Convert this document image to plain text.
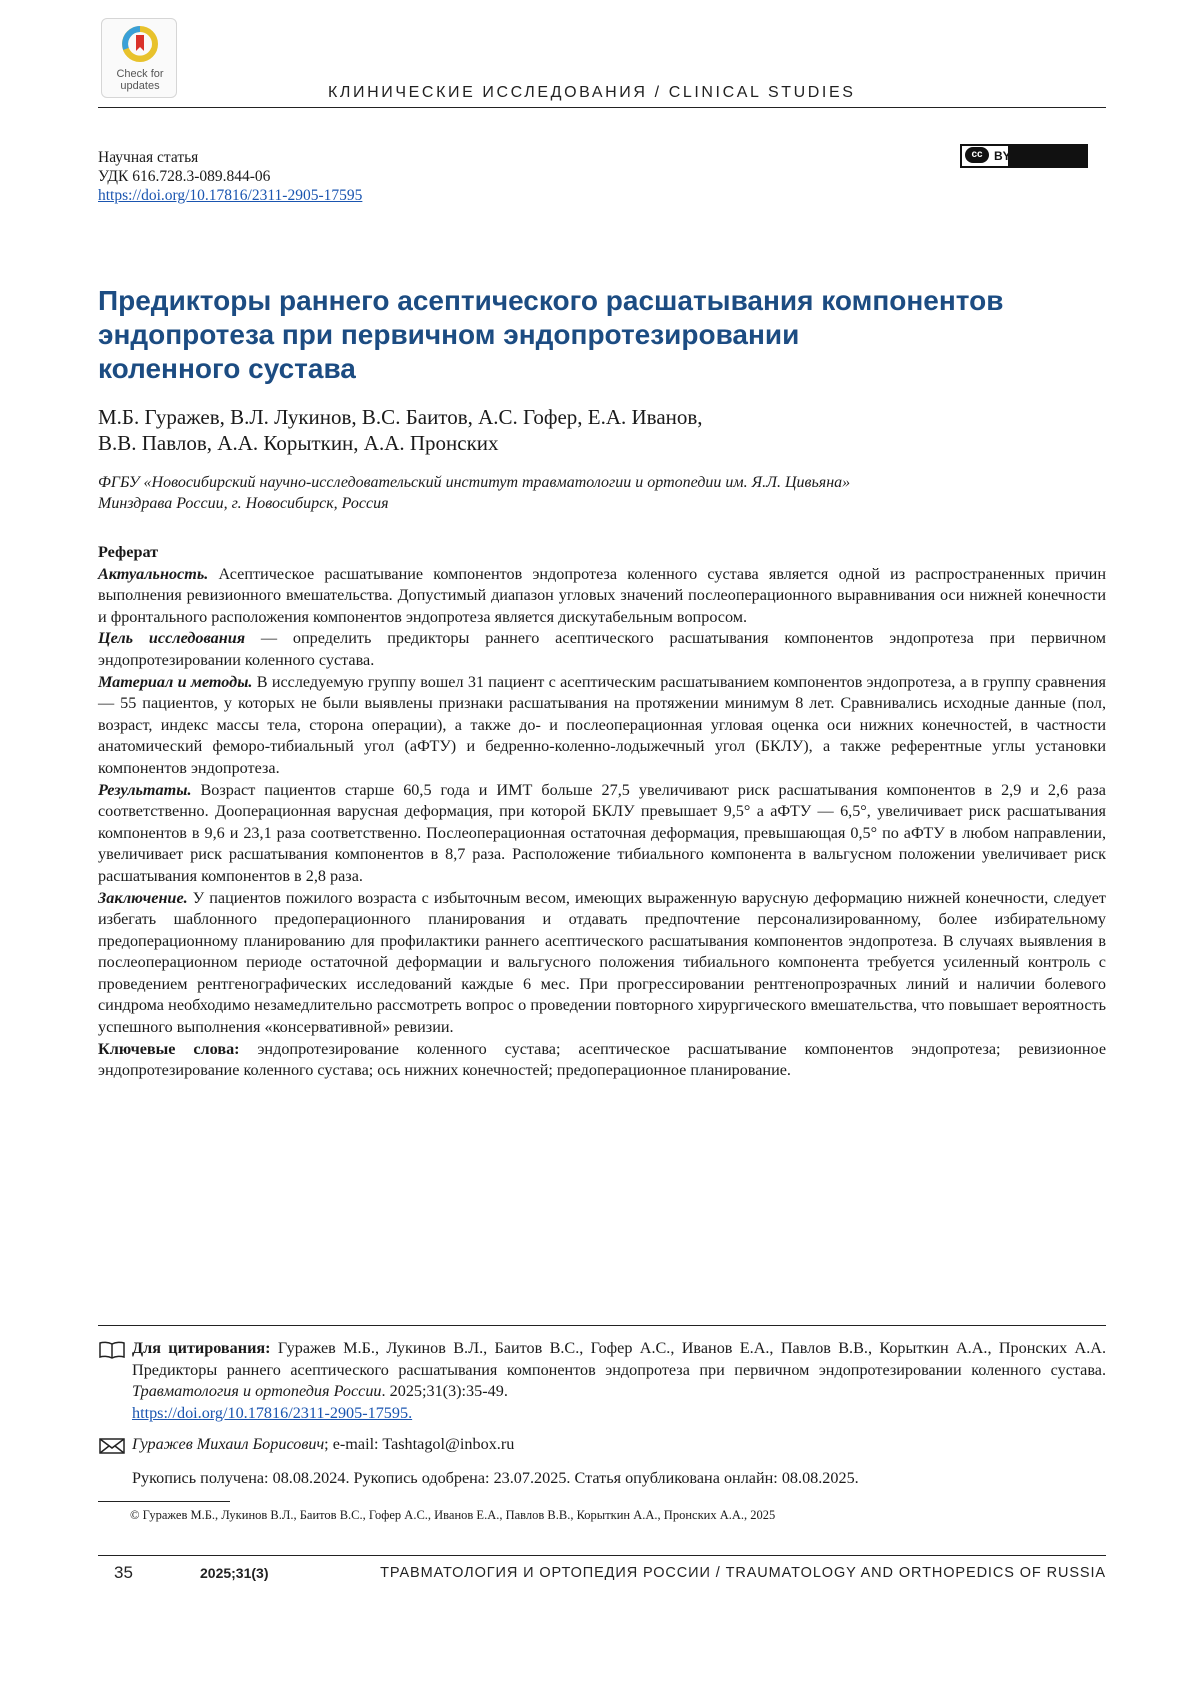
Check for
updates	КЛИНИЧЕСКИЕ ИССЛЕДОВАНИЯ / CLINICAL STUDIES
Научная статья
УДК 616.728.3-089.844-06
https://doi.org/10.17816/2311-2905-17595
cc BY
Предикторы раннего асептического расшатывания компонентов
эндопротеза при первичном эндопротезировании
коленного сустава
М.Б. Гуражев, В.Л. Лукинов, В.С. Баитов, А.С. Гофер, Е.А. Иванов,
В.В. Павлов, А.А. Корыткин, А.А. Пронских
ФГБУ «Новосибирский научно-исследовательский институт травматологии и ортопедии им. Я.Л. Цивьяна»
Минздрава России, г. Новосибирск, Россия
Реферат

Актуальность. Асептическое расшатывание компонентов эндопротеза коленного сустава является одной из распространенных причин выполнения ревизионного вмешательства. Допустимый диапазон угловых значений послеоперационного выравнивания оси нижней конечности и фронтального расположения компонентов эндопротеза является дискутабельным вопросом.

Цель исследования — определить предикторы раннего асептического расшатывания компонентов эндопротеза при первичном эндопротезировании коленного сустава.

Материал и методы. В исследуемую группу вошел 31 пациент с асептическим расшатыванием компонентов эндопротеза, а в группу сравнения — 55 пациентов, у которых не были выявлены признаки расшатывания на протяжении минимум 8 лет. Сравнивались исходные данные (пол, возраст, индекс массы тела, сторона операции), а также до- и послеоперационная угловая оценка оси нижних конечностей, в частности анатомический феморо-тибиальный угол (аФТУ) и бедренно-коленно-лодыжечный угол (БКЛУ), а также референтные углы установки компонентов эндопротеза.

Результаты. Возраст пациентов старше 60,5 года и ИМТ больше 27,5 увеличивают риск расшатывания компонентов в 2,9 и 2,6 раза соответственно. Дооперационная варусная деформация, при которой БКЛУ превышает 9,5° а аФТУ — 6,5°, увеличивает риск расшатывания компонентов в 9,6 и 23,1 раза соответственно. Послеоперационная остаточная деформация, превышающая 0,5° по аФТУ в любом направлении, увеличивает риск расшатывания компонентов в 8,7 раза. Расположение тибиального компонента в вальгусном положении увеличивает риск расшатывания компонентов в 2,8 раза.

Заключение. У пациентов пожилого возраста с избыточным весом, имеющих выраженную варусную деформацию нижней конечности, следует избегать шаблонного предоперационного планирования и отдавать предпочтение персонализированному, более избирательному предоперационному планированию для профилактики раннего асептического расшатывания компонентов эндопротеза. В случаях выявления в послеоперационном периоде остаточной деформации и вальгусного положения тибиального компонента требуется усиленный контроль с проведением рентгенографических исследований каждые 6 мес. При прогрессировании рентгенопрозрачных линий и наличии болевого синдрома необходимо незамедлительно рассмотреть вопрос о проведении повторного хирургического вмешательства, что повышает вероятность успешного выполнения «консервативной» ревизии.

Ключевые слова: эндопротезирование коленного сустава; асептическое расшатывание компонентов эндопротеза; ревизионное эндопротезирование коленного сустава; ось нижних конечностей; предоперационное планирование.

Для цитирования: Гуражев М.Б., Лукинов В.Л., Баитов В.С., Гофер А.С., Иванов Е.А., Павлов В.В., Корыткин А.А., Пронских А.А. Предикторы раннего асептического расшатывания компонентов эндопротеза при первичном эндопротезировании коленного сустава. Травматология и ортопедия России. 2025;31(3):35-49.
https://doi.org/10.17816/2311-2905-17595.
Гуражев Михаил Борисович; e-mail: Tashtagol@inbox.ru
Рукопись получена: 08.08.2024. Рукопись одобрена: 23.07.2025. Статья опубликована онлайн: 08.08.2025.
© Гуражев М.Б., Лукинов В.Л., Баитов В.С., Гофер А.С., Иванов Е.А., Павлов В.В., Корыткин А.А., Пронских А.А., 2025
35	2025;31(3)	ТРАВМАТОЛОГИЯ И ОРТОПЕДИЯ РОССИИ / TRAUMATOLOGY AND ORTHOPEDICS OF RUSSIA
